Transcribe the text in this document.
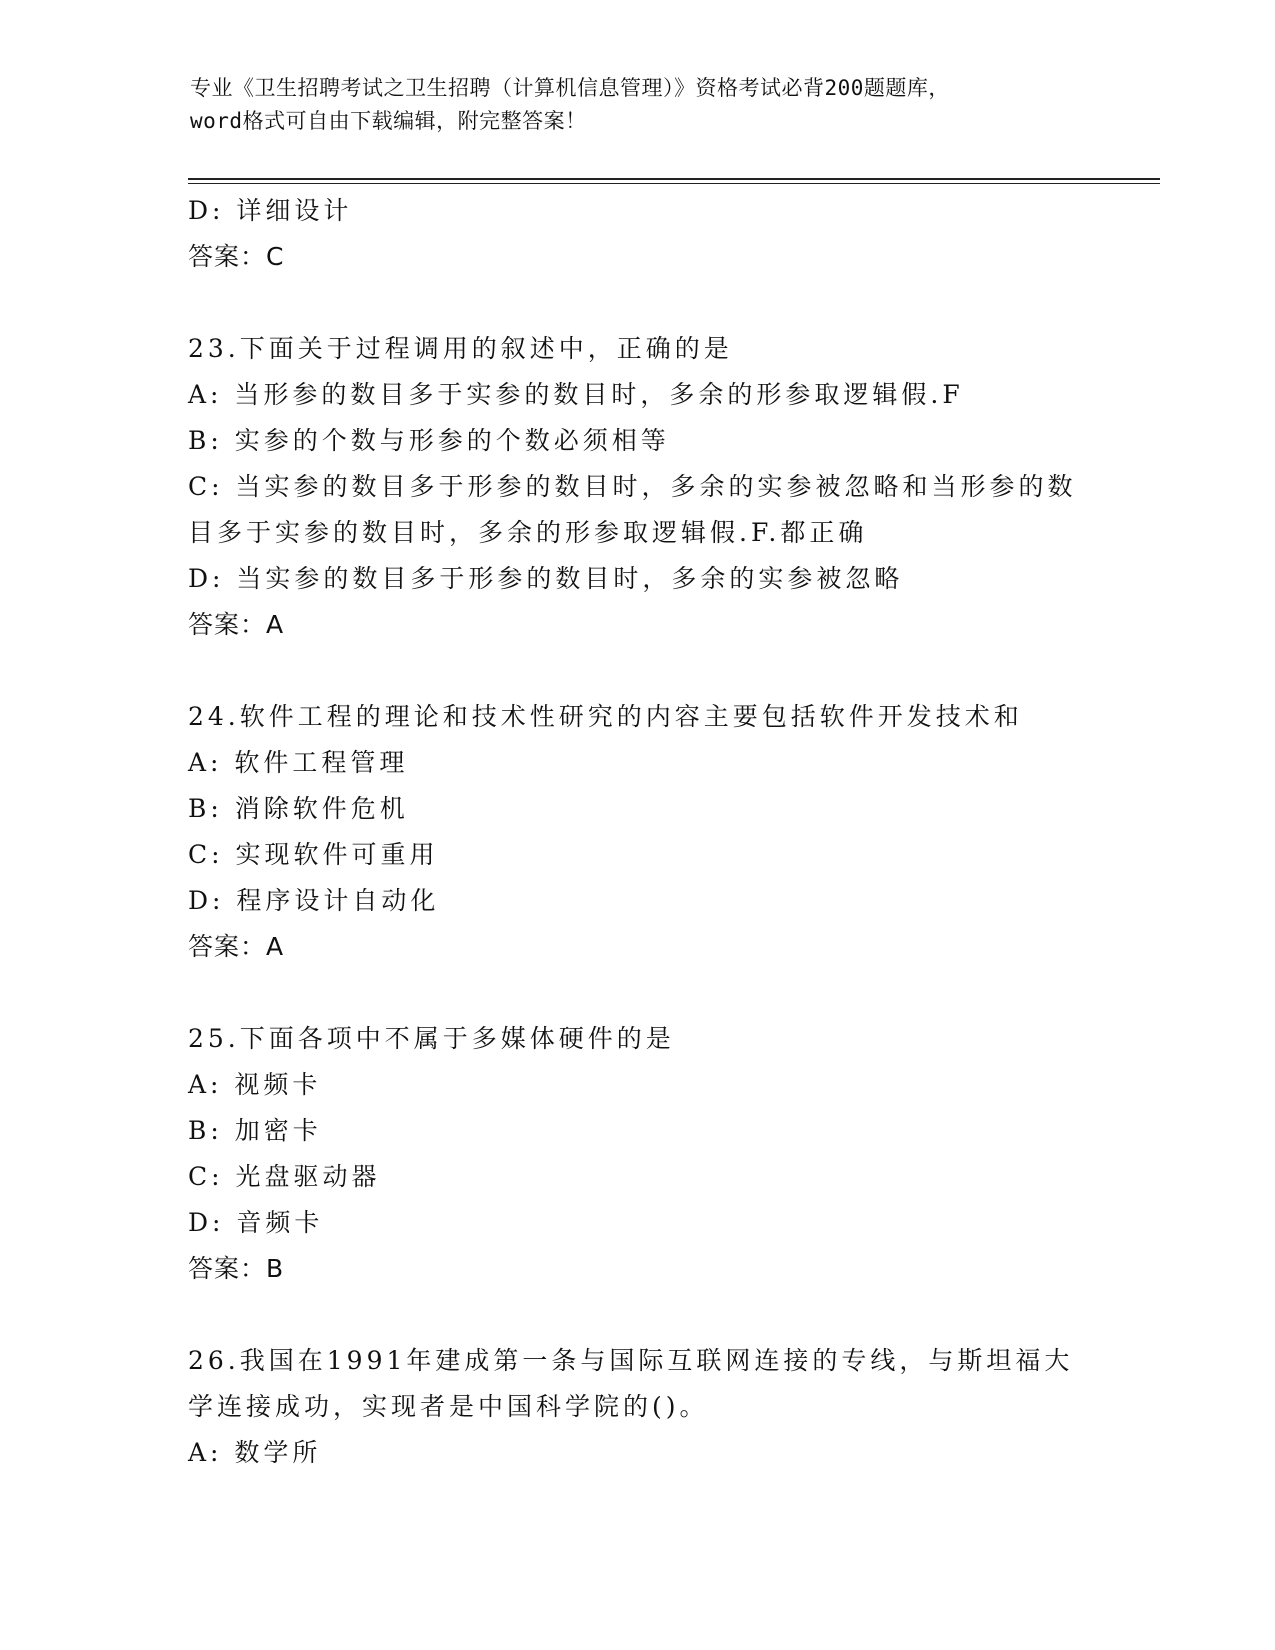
专业《卫生招聘考试之卫生招聘（计算机信息管理）》资格考试必背200题题库，
word格式可自由下载编辑，附完整答案！
D: 详细设计
答案：C
23.下面关于过程调用的叙述中，正确的是
A: 当形参的数目多于实参的数目时，多余的形参取逻辑假.F
B: 实参的个数与形参的个数必须相等
C: 当实参的数目多于形参的数目时，多余的实参被忽略和当形参的数
目多于实参的数目时，多余的形参取逻辑假.F.都正确
D: 当实参的数目多于形参的数目时，多余的实参被忽略
答案：A
24.软件工程的理论和技术性研究的内容主要包括软件开发技术和
A: 软件工程管理
B: 消除软件危机
C: 实现软件可重用
D: 程序设计自动化
答案：A
25.下面各项中不属于多媒体硬件的是
A: 视频卡
B: 加密卡
C: 光盘驱动器
D: 音频卡
答案：B
26.我国在1991年建成第一条与国际互联网连接的专线，与斯坦福大
学连接成功，实现者是中国科学院的()。
A: 数学所
